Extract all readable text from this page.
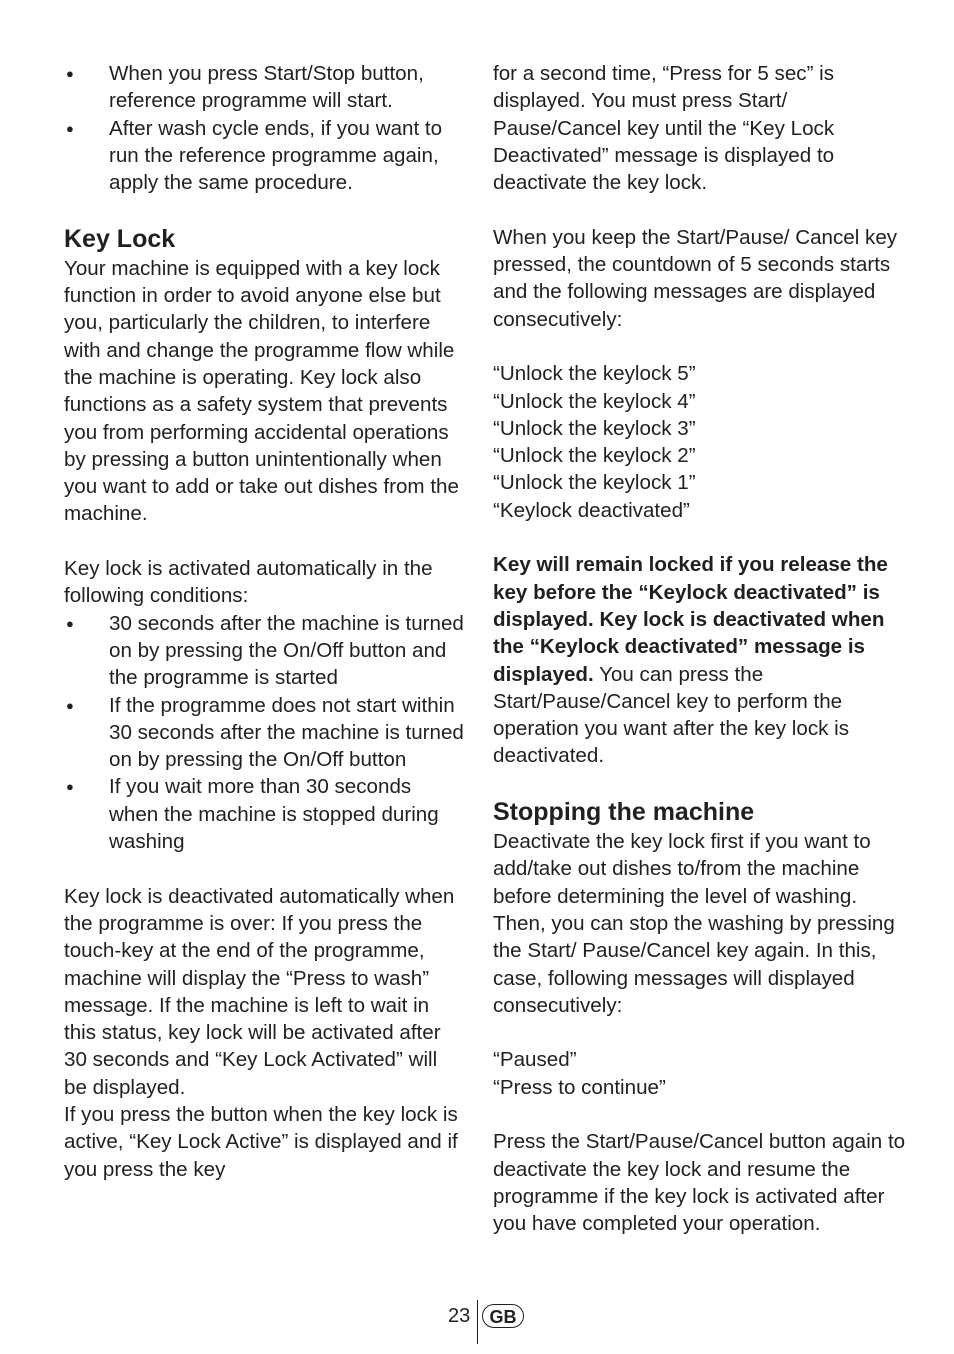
● When you press Start/Stop button, reference programme will start.
● After wash cycle ends, if you want to run the reference programme again, apply the same procedure.
Key Lock

Your machine is equipped with a key lock function in order to avoid anyone else but you, particularly the children, to interfere with and change the programme flow while the machine is operating. Key lock also functions as a safety system that prevents you from performing accidental operations by pressing a button unintentionally when you want to add or take out dishes from the machine.

Key lock is activated automatically in the following conditions:

● 30 seconds after the machine is turned on by pressing the On/Off button and the programme is started
● If the programme does not start within 30 seconds after the machine is turned on by pressing the On/Off button
● If you wait more than 30 seconds when the machine is stopped during washing

Key lock is deactivated automatically when the programme is over: If you press the touch-key at the end of the programme, machine will display the “Press to wash” message. If the machine is left to wait in this status, key lock will be activated after 30 seconds and “Key Lock Activated” will be displayed.

If you press the button when the key lock is active, “Key Lock Active” is displayed and if you press the key

for a second time, “Press for 5 sec” is displayed. You must press Start/ Pause/Cancel key until the “Key Lock Deactivated” message is displayed to deactivate the key lock.

When you keep the Start/Pause/ Cancel key pressed, the countdown of 5 seconds starts and the following messages are displayed consecutively:

“Unlock the keylock 5”

“Unlock the keylock 4”

“Unlock the keylock 3”

“Unlock the keylock 2”

“Unlock the keylock 1”

“Keylock deactivated”

Key will remain locked if you release the key before the “Keylock deactivated” is displayed. Key lock is deactivated when the “Keylock deactivated” message is displayed. You can press the Start/Pause/Cancel key to perform the operation you want after the key lock is deactivated.

Stopping the machine

Deactivate the key lock first if you want to add/take out dishes to/from the machine before determining the level of washing. Then, you can stop the washing by pressing the Start/ Pause/Cancel key again. In this, case, following messages will displayed consecutively:

“Paused”

“Press to continue”

Press the Start/Pause/Cancel button again to deactivate the key lock and resume the programme if the key lock is activated after you have completed your operation.

23	GB
